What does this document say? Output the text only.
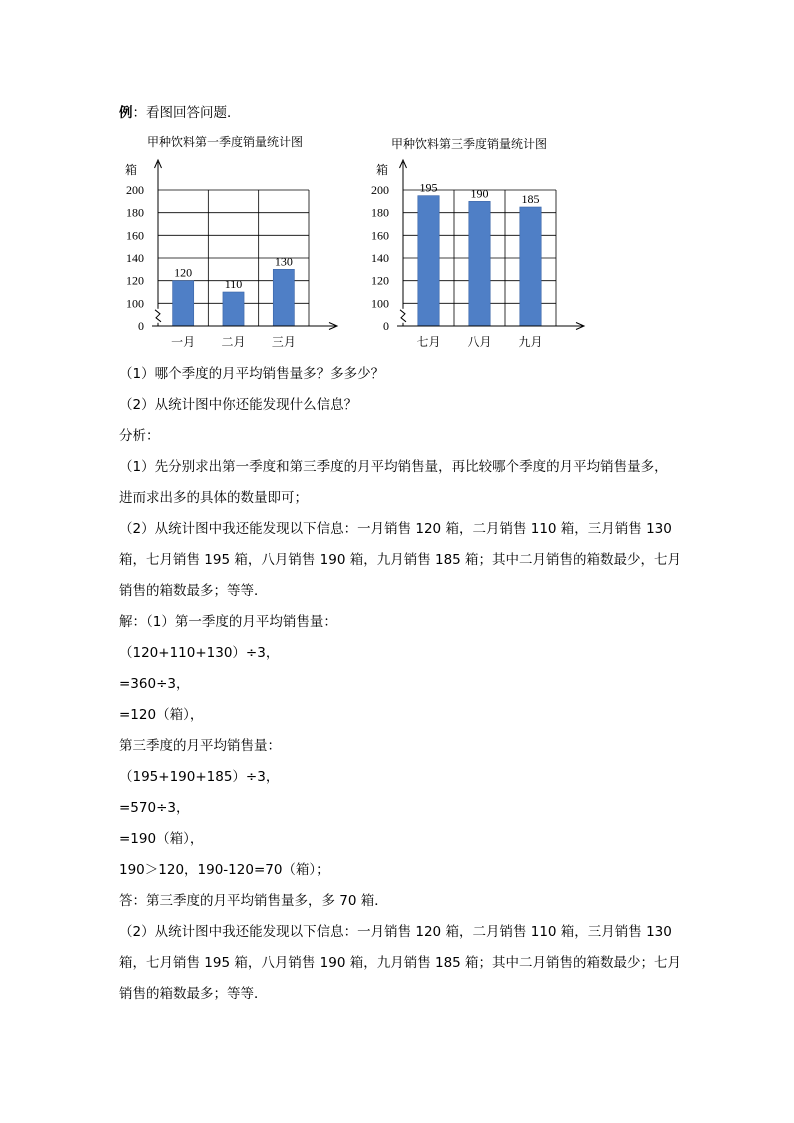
例：看图回答问题．
甲种饮料第一季度销量统计图
箱
120
110
130
200
180
160
140
120
100
0
一月 二月 三月
甲种饮料第三季度销量统计图
箱
195	190	185
200
180
160
140
120
100
0
七月 八月 九月
（1）哪个季度的月平均销售量多？多多少？
（2）从统计图中你还能发现什么信息？
分析：
（1）先分别求出第一季度和第三季度的月平均销售量，再比较哪个季度的月平均销售量多，
进而求出多的具体的数量即可；
（2）从统计图中我还能发现以下信息：一月销售 120 箱，二月销售 110 箱，三月销售 130
箱，七月销售 195 箱，八月销售 190 箱，九月销售 185 箱；其中二月销售的箱数最少，七月
销售的箱数最多；等等．
解：（1）第一季度的月平均销售量：
（120+110+130）÷3，
=360÷3，
=120（箱），
第三季度的月平均销售量：
（195+190+185）÷3，
=570÷3，
=190（箱），
190＞120，190-120=70（箱）；
答：第三季度的月平均销售量多，多 70 箱．
（2）从统计图中我还能发现以下信息：一月销售 120 箱，二月销售 110 箱，三月销售 130
箱，七月销售 195 箱，八月销售 190 箱，九月销售 185 箱；其中二月销售的箱数最少；七月
销售的箱数最多；等等．
